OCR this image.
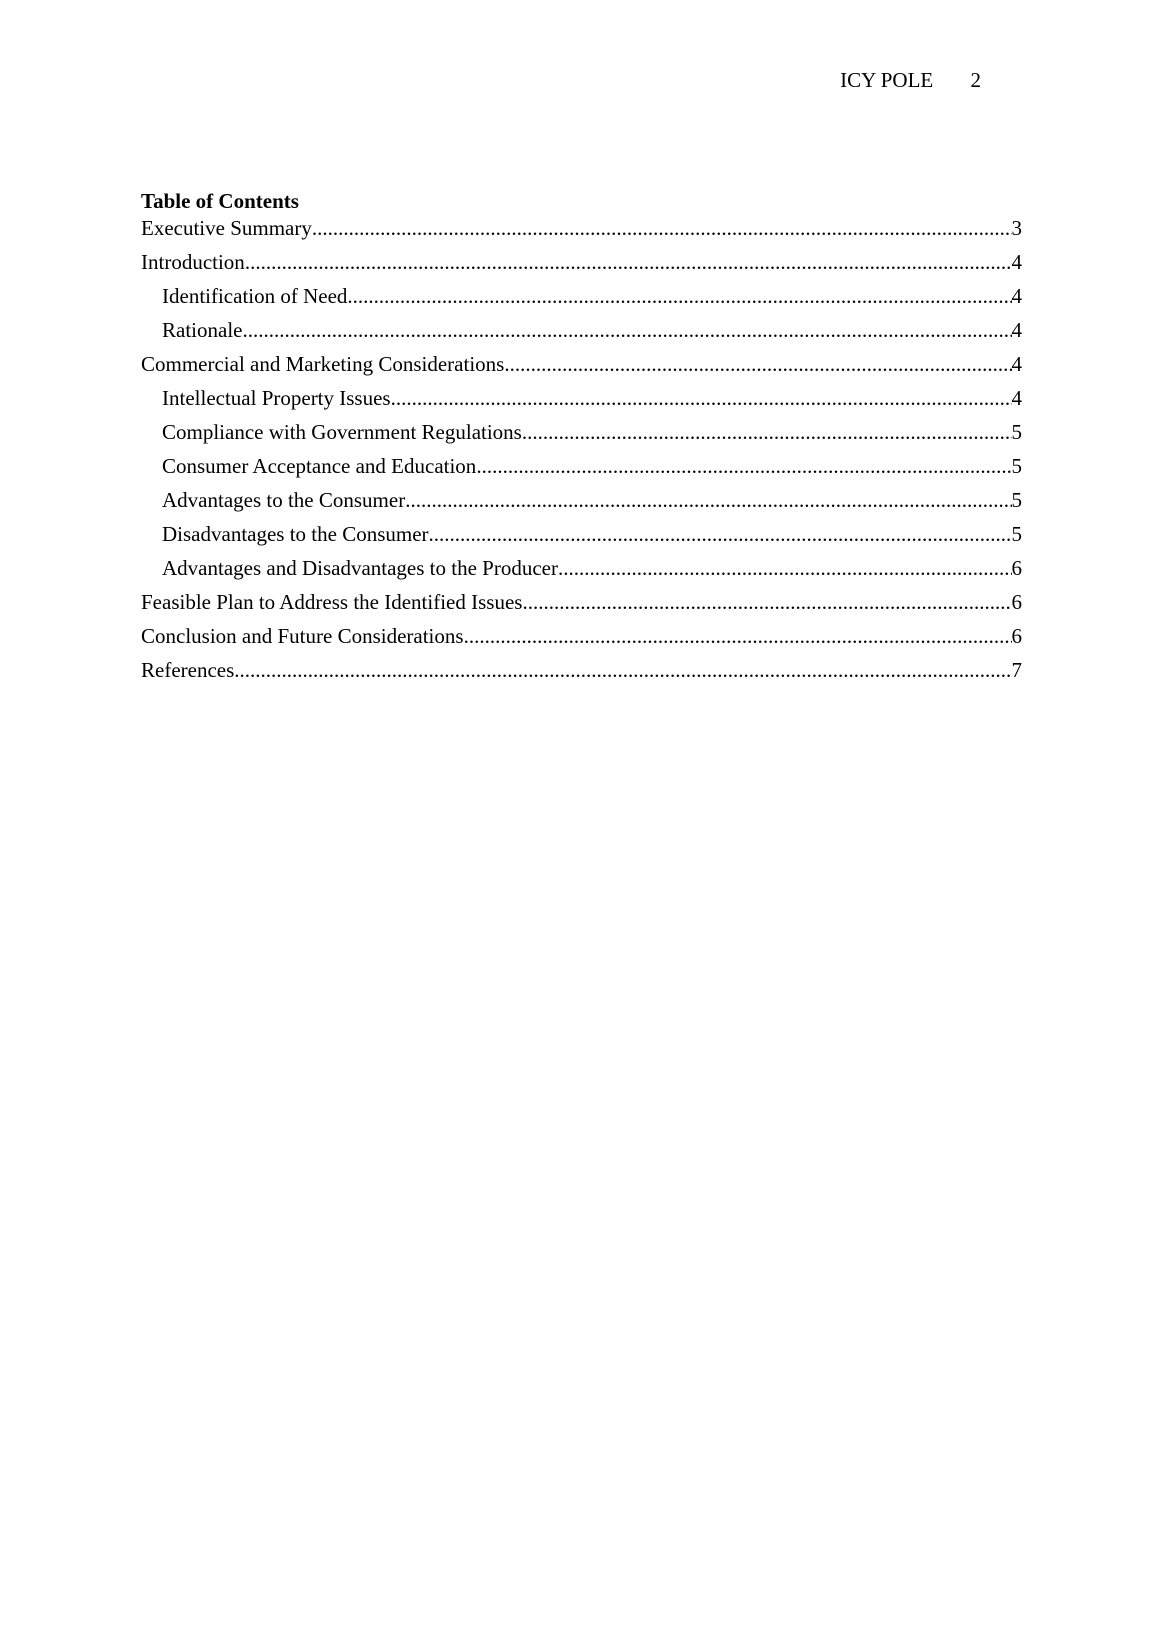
ICY POLE 2
Table of Contents
Executive Summary .....	3
Introduction .....	4
Identification of Need .....	4
Rationale .....	4
Commercial and Marketing Considerations .....	4
Intellectual Property Issues .....	4
Compliance with Government Regulations .....	5
Consumer Acceptance and Education .....	5
Advantages to the Consumer .....	5
Disadvantages to the Consumer .....	5
Advantages and Disadvantages to the Producer .....	6
Feasible Plan to Address the Identified Issues .....	6
Conclusion and Future Considerations .....	6
References .....	7
